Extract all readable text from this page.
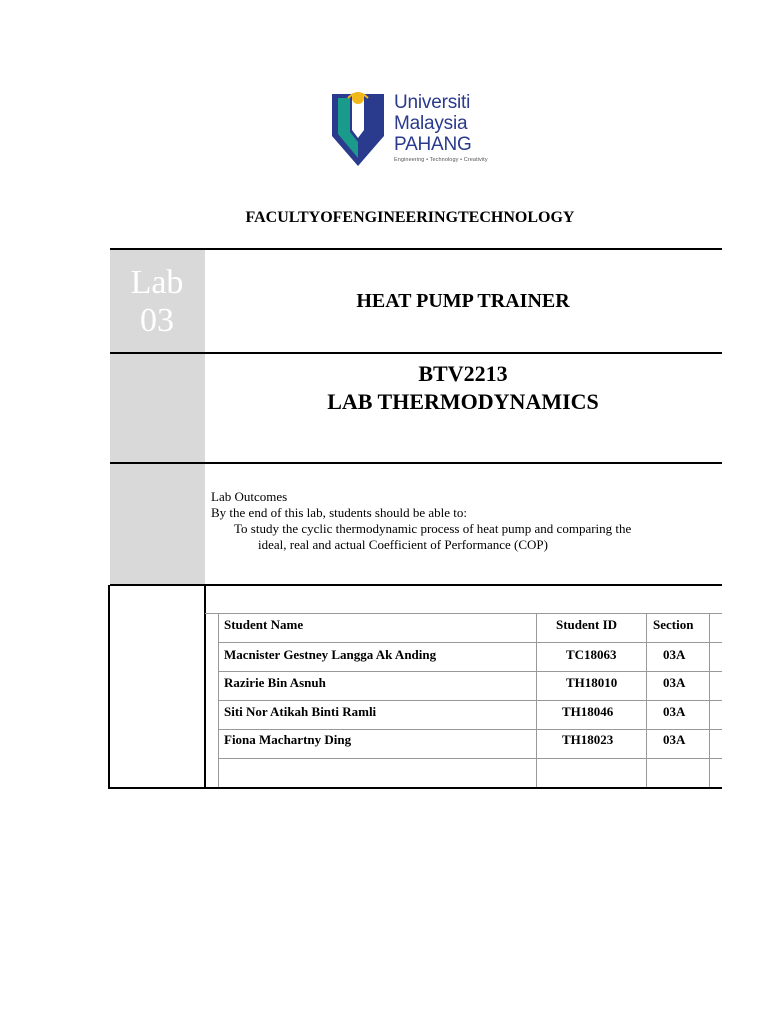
Universiti
Malaysia
PAHANG
Engineering • Technology • Creativity
FACULTYOFENGINEERINGTECHNOLOGY
Lab
03
HEAT PUMP TRAINER
BTV2213
LAB THERMODYNAMICS
Lab Outcomes
By the end of this lab, students should be able to:
To study the cyclic thermodynamic process of heat pump and comparing the
ideal, real and actual Coefficient of Performance (COP)
Student Name	Student ID	Section
Macnister Gestney Langga Ak Anding	TC18063	03A
Razirie Bin Asnuh	TH18010	03A
Siti Nor Atikah Binti Ramli	TH18046	03A
Fiona Machartny Ding	TH18023	03A
